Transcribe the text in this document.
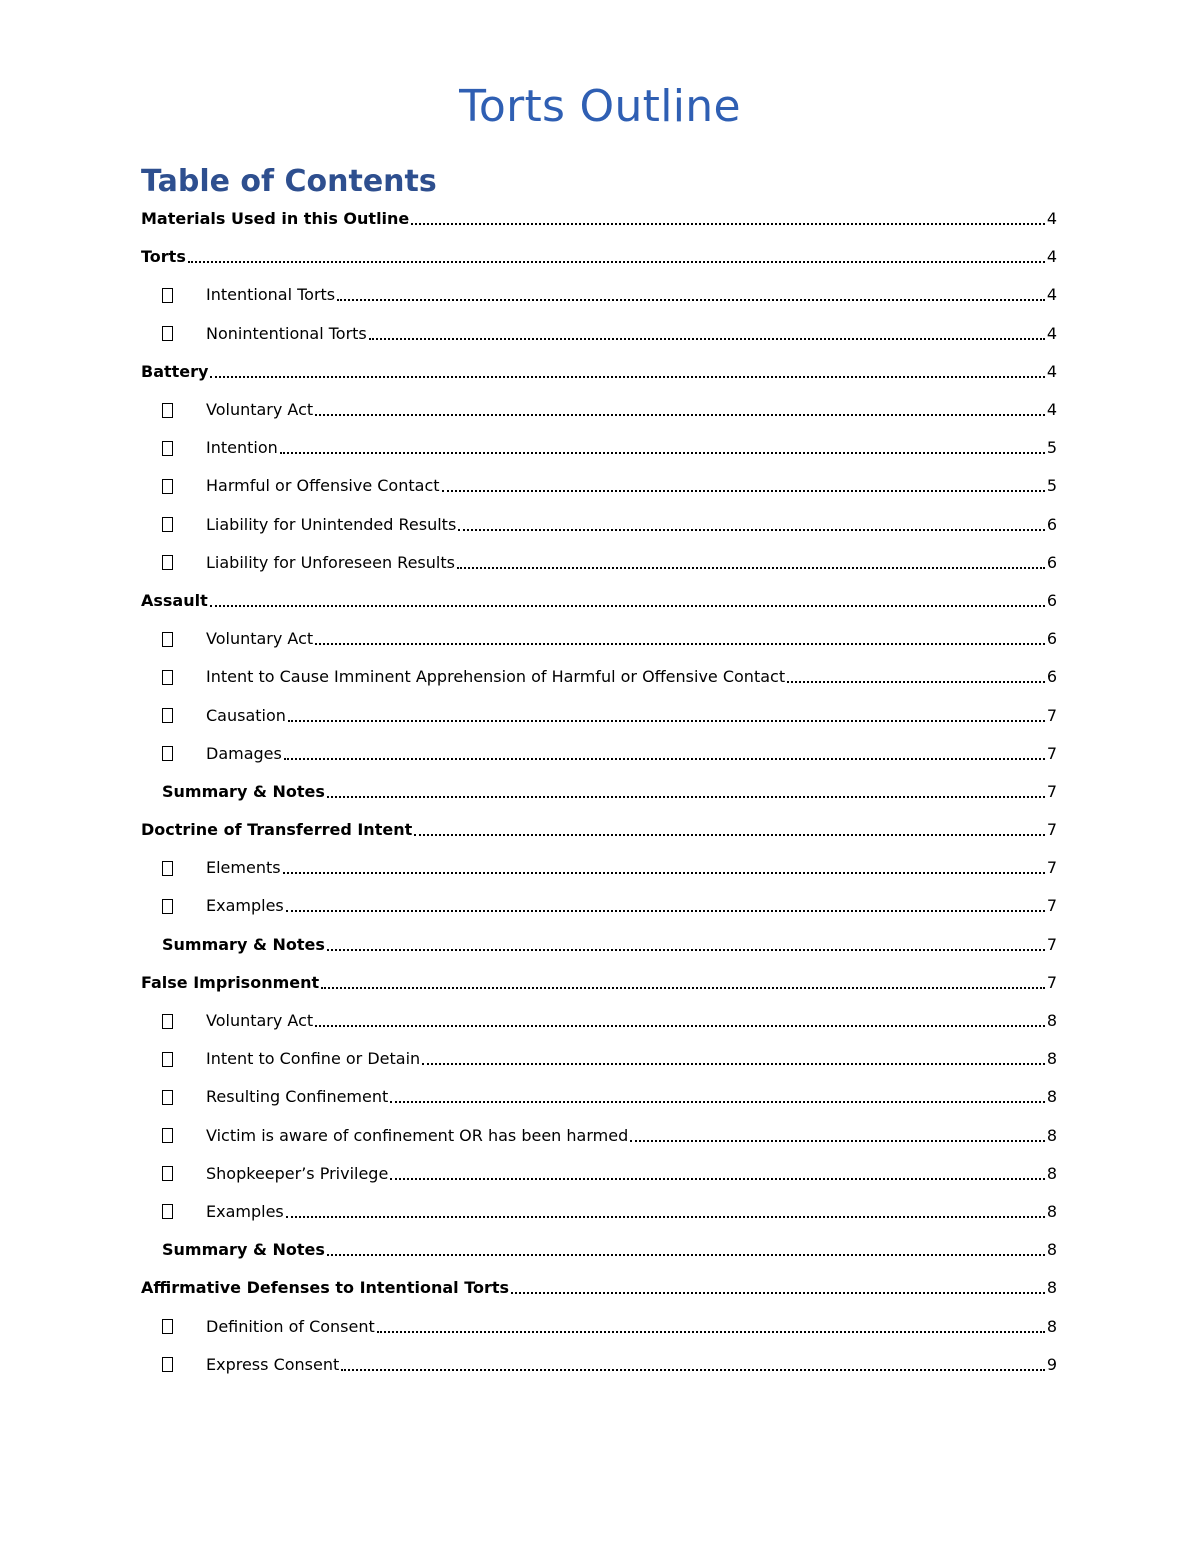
Torts Outline
Table of Contents
Materials Used in this Outline	4
Torts	4
Intentional Torts	4
Nonintentional Torts	4
Battery	4
Voluntary Act	4
Intention	5
Harmful or Offensive Contact	5
Liability for Unintended Results	6
Liability for Unforeseen Results	6
Assault	6
Voluntary Act	6
Intent to Cause Imminent Apprehension of Harmful or Offensive Contact	6
Causation	7
Damages	7
Summary & Notes	7
Doctrine of Transferred Intent	7
Elements	7
Examples	7
Summary & Notes	7
False Imprisonment	7
Voluntary Act	8
Intent to Confine or Detain	8
Resulting Confinement	8
Victim is aware of confinement OR has been harmed	8
Shopkeeper’s Privilege	8
Examples	8
Summary & Notes	8
Affirmative Defenses to Intentional Torts	8
Definition of Consent	8
Express Consent	9
